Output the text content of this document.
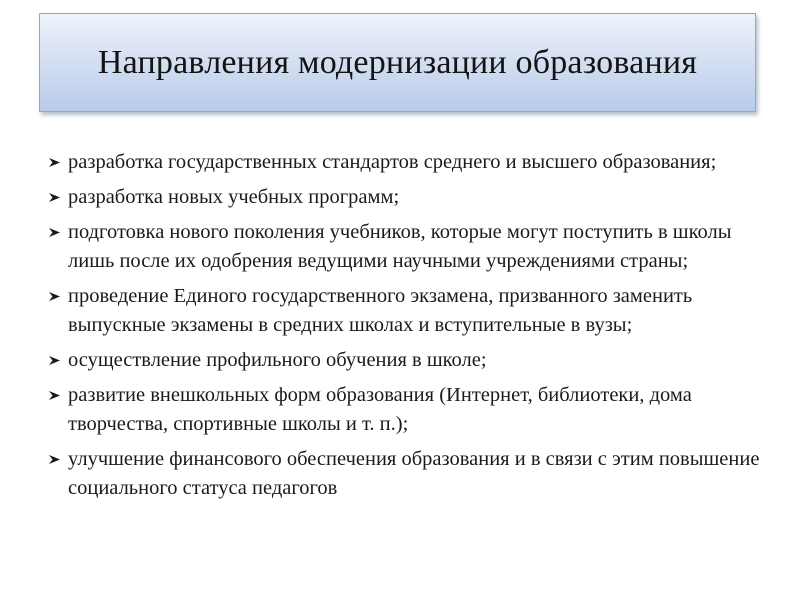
Направления модернизации образования
разработка государственных стандартов среднего и высшего образования;
разработка новых учебных программ;
подготовка нового поколения учебников, которые могут поступить в школы лишь после их одобрения ведущими научными учреждениями страны;
проведение Единого государственного экзамена, призванного заменить выпускные экзамены в средних школах и вступительные в вузы;
осуществление профильного обучения в школе;
развитие внешкольных форм образования (Интернет, библиотеки, дома творчества, спортивные школы и т. п.);
улучшение финансового обеспечения образования и в связи с этим повышение социального статуса педагогов
